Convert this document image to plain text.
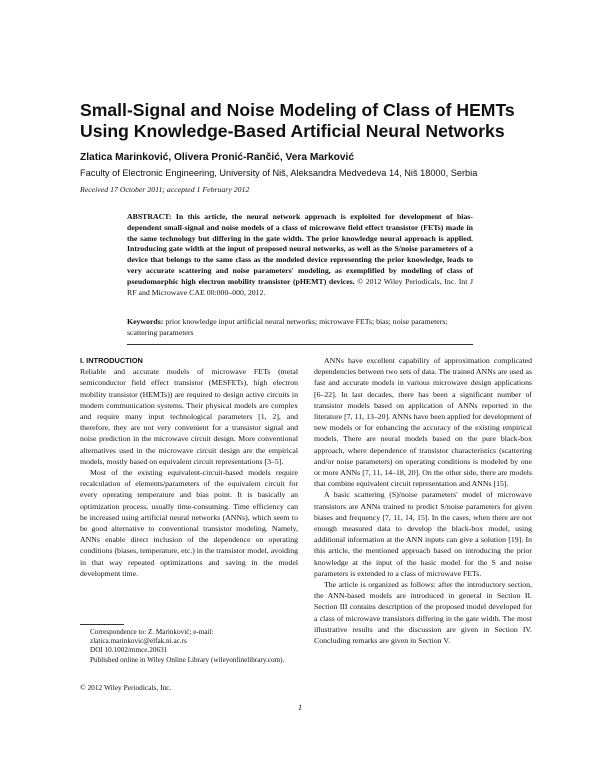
Small-Signal and Noise Modeling of Class of HEMTs Using Knowledge-Based Artificial Neural Networks

Zlatica Marinković, Olivera Pronić-Rančić, Vera Marković

Faculty of Electronic Engineering, University of Niš, Aleksandra Medvedeva 14, Niš 18000, Serbia

Received 17 October 2011; accepted 1 February 2012

ABSTRACT: In this article, the neural network approach is exploited for development of bias-dependent small-signal and noise models of a class of microwave field effect transistor (FETs) made in the same technology but differing in the gate width. The prior knowledge neural approach is applied. Introducing gate width at the input of proposed neural networks, as well as the S/noise parameters of a device that belongs to the same class as the modeled device representing the prior knowledge, leads to very accurate scattering and noise parameters' modeling, as exemplified by modeling of class of pseudomorphic high electron mobility transistor (pHEMT) devices. © 2012 Wiley Periodicals, Inc. Int J RF and Microwave CAE 00:000–000, 2012.

Keywords: prior knowledge input artificial neural networks; microwave FETs; bias; noise parameters; scattering parameters

I. INTRODUCTION

Reliable and accurate models of microwave FETs (metal semiconductor field effect transistor (MESFETs), high electron mobility transistor (HEMTs)) are required to design active circuits in modern communication systems. Their physical models are complex and require many input technological parameters [1, 2], and therefore, they are not very convenient for a transistor signal and noise prediction in the microwave circuit design. More conventional alternatives used in the microwave circuit design are the empirical models, mostly based on equivalent circuit representations [3–5].

Most of the existing equivalent-circuit-based models require recalculation of elements/parameters of the equivalent circuit for every operating temperature and bias point. It is basically an optimization process, usually time-consuming. Time efficiency can be increased using artificial neural networks (ANNs), which seem to be good alternative to conventional transistor modeling. Namely, ANNs enable direct inclusion of the dependence on operating conditions (biases, temperature, etc.) in the transistor model, avoiding in that way repeated optimizations and saving in the model development time.

ANNs have excellent capability of approximation complicated dependencies between two sets of data. The trained ANNs are used as fast and accurate models in various microwave design applications [6–22]. In last decades, there has been a significant number of transistor models based on application of ANNs reported in the literature [7, 11, 13–20]. ANNs have been applied for development of new models or for enhancing the accuracy of the existing empirical models. There are neural models based on the pure black-box approach, where dependence of transistor characteristics (scattering and/or noise parameters) on operating conditions is modeled by one or more ANNs [7, 11, 14–18, 20]. On the other side, there are models that combine equivalent circuit representation and ANNs [15].

A basic scattering (S)/noise parameters' model of microwave transistors are ANNs trained to predict S/noise parameters for given biases and frequency [7, 11, 14, 15]. In the cases, when there are not enough measured data to develop the black-box model, using additional information at the ANN inputs can give a solution [19]. In this article, the mentioned approach based on introducing the prior knowledge at the input of the basic model for the S and noise parameters is extended to a class of microwave FETs.

The article is organized as follows: after the introductory section, the ANN-based models are introduced in general in Section II. Section III contains description of the proposed model developed for a class of microwave transistors differing in the gate width. The most illustrative results and the discussion are given in Section IV. Concluding remarks are given in Section V.

Correspondence to: Z. Marinković; e-mail: zlatica.marinkovic@elfak.ni.ac.rs
DOI 10.1002/mmce.20631
Published online in Wiley Online Library (wileyonlinelibrary.com).

© 2012 Wiley Periodicals, Inc.

1
